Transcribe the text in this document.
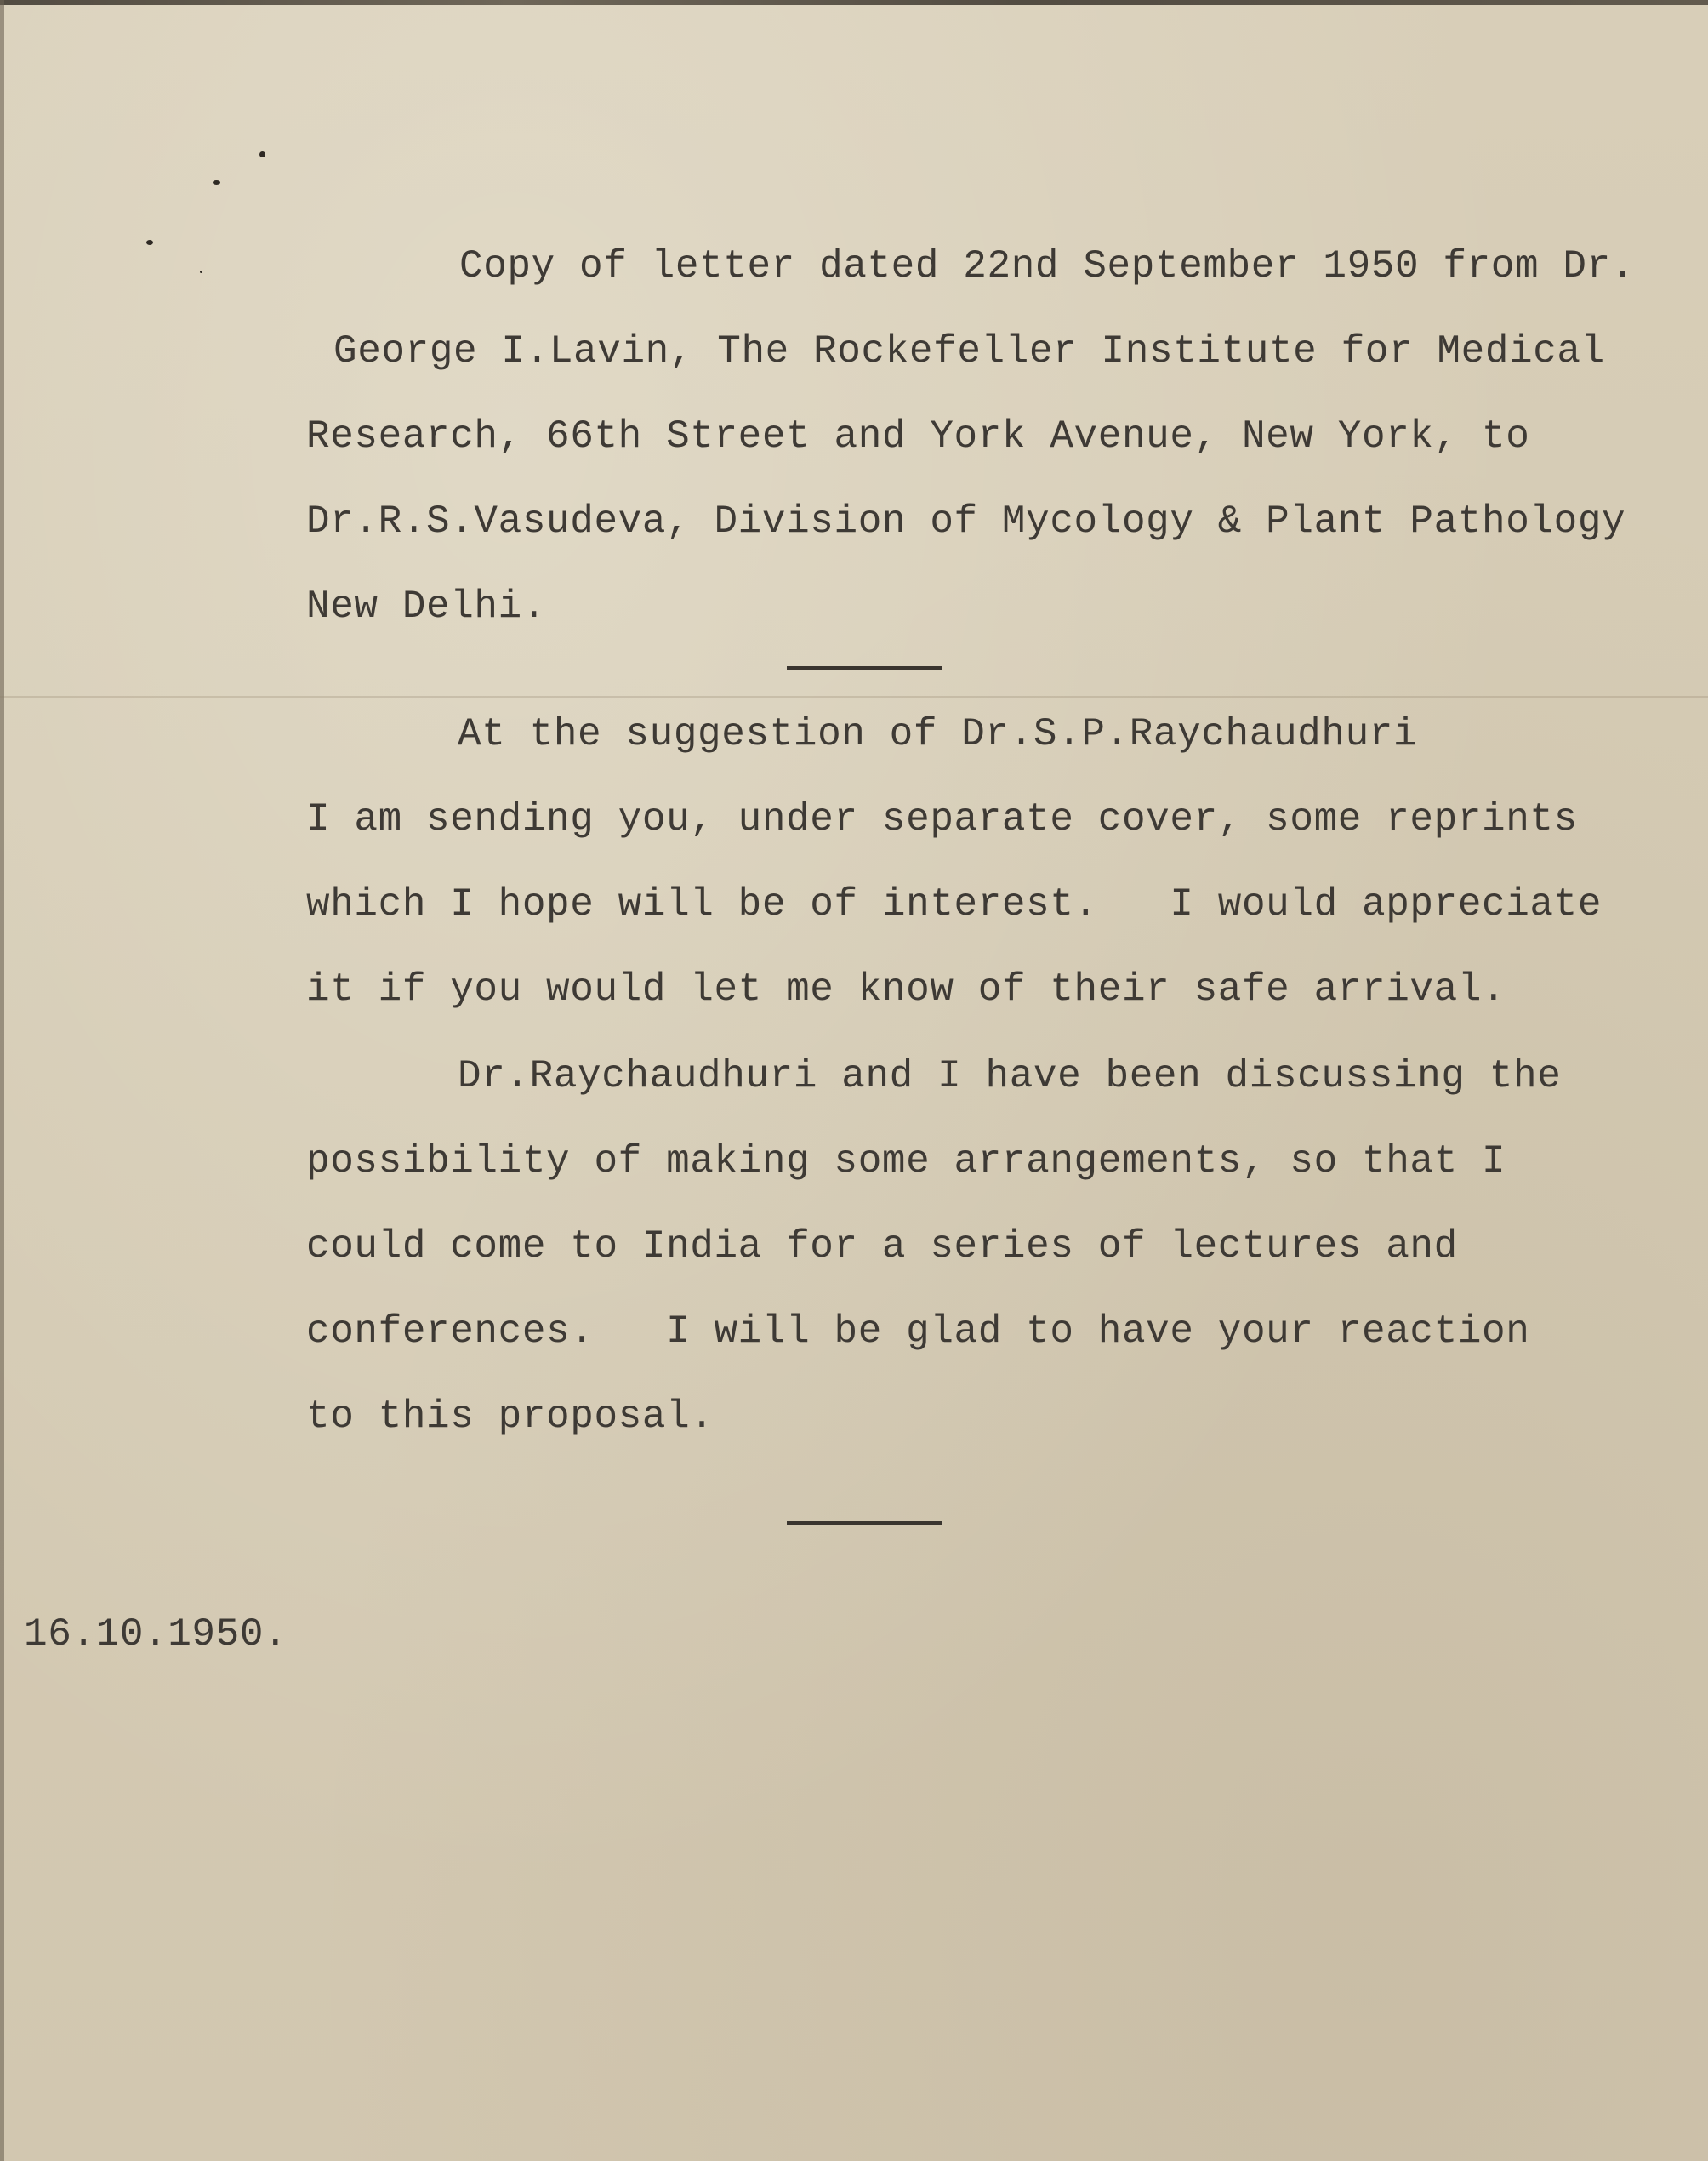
Copy of letter dated 22nd September 1950 from Dr.
George I.Lavin, The Rockefeller Institute for Medical
Research, 66th Street and York Avenue, New York, to
Dr.R.S.Vasudeva, Division of Mycology & Plant Pathology
New Delhi.
At the suggestion of Dr.S.P.Raychaudhuri
I am sending you, under separate cover, some reprints
which I hope will be of interest.   I would appreciate
it if you would let me know of their safe arrival.
Dr.Raychaudhuri and I have been discussing the
possibility of making some arrangements, so that I
could come to India for a series of lectures and
conferences.   I will be glad to have your reaction
to this proposal.
16.10.1950.
